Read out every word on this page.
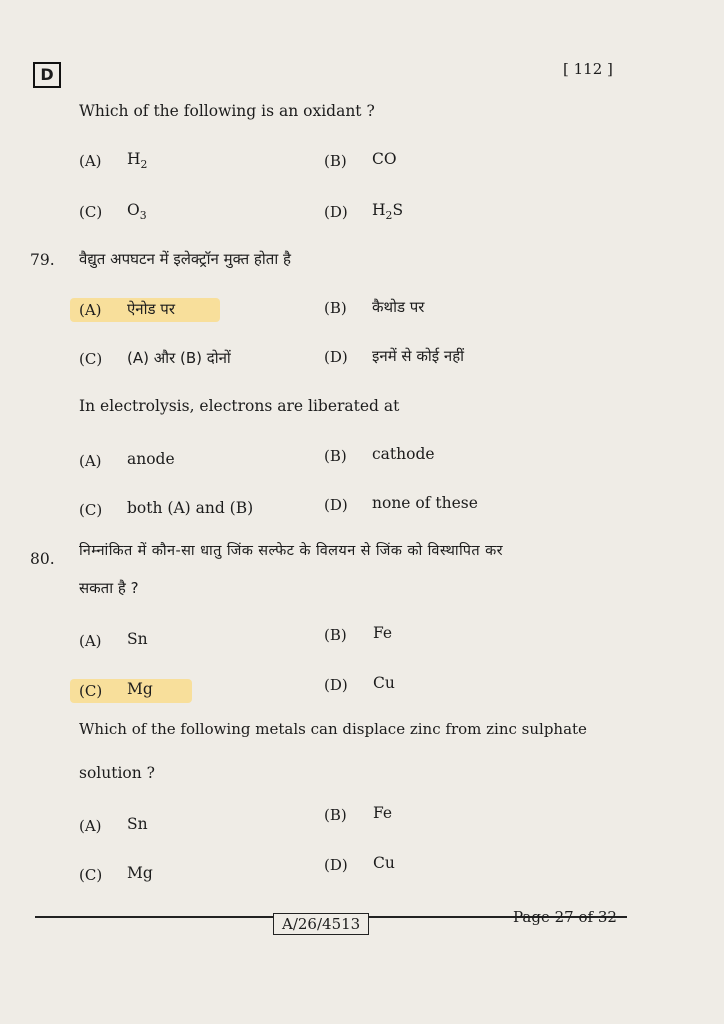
D	[ 112 ]
Which of the following is an oxidant ?
(A) $H_2$	(B) CO
(C) $O_3$	(D) $H_2S$
79. वैद्युत अपघटन में इलेक्ट्रॉन मुक्त होता है
(A) ऐनोड पर	(B) कैथोड पर
(C) (A) और (B) दोनों	(D) इनमें से कोई नहीं
In electrolysis, electrons are liberated at
(A) anode	(B) cathode
(C) both (A) and (B)	(D) none of these
80. निम्नांकित में कौन-सा धातु जिंक सल्फेट के विलयन से जिंक को विस्थापित कर
सकता है ?
(A) Sn	(B) Fe
(C) Mg	(D) Cu
Which of the following metals can displace zinc from zinc sulphate
solution ?
(A) Sn	(B) Fe
(C) Mg	(D) Cu
A/26/4513	Page 27 of 32
